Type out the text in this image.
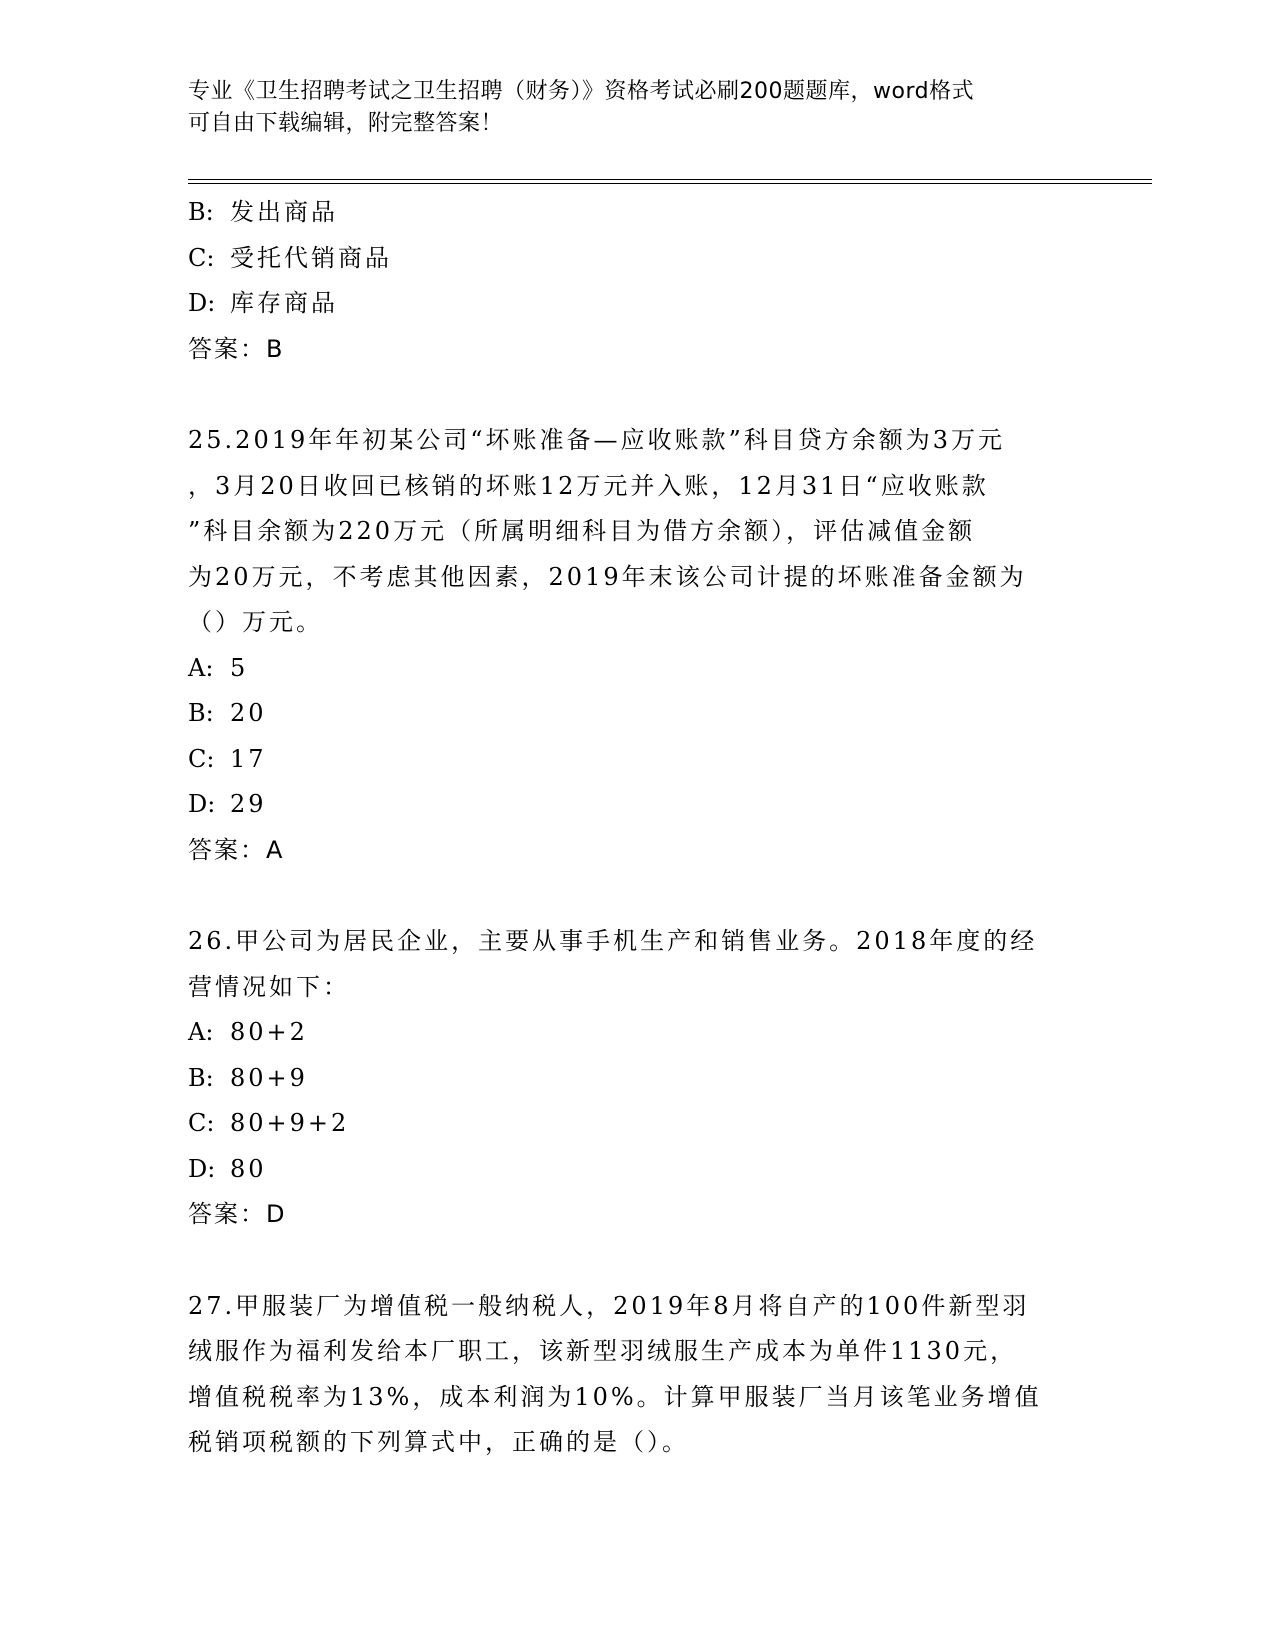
专业《卫生招聘考试之卫生招聘（财务）》资格考试必刷200题题库，word格式
可自由下载编辑，附完整答案！
B: 发出商品
C: 受托代销商品
D: 库存商品
答案：B
25.2019年年初某公司“坏账准备—应收账款”科目贷方余额为3万元
，3月20日收回已核销的坏账12万元并入账，12月31日“应收账款
”科目余额为220万元（所属明细科目为借方余额），评估减值金额
为20万元，不考虑其他因素，2019年末该公司计提的坏账准备金额为
（）万元。
A: 5
B: 20
C: 17
D: 29
答案：A
26.甲公司为居民企业，主要从事手机生产和销售业务。2018年度的经
营情况如下：
A: 80+2
B: 80+9
C: 80+9+2
D: 80
答案：D
27.甲服装厂为增值税一般纳税人，2019年8月将自产的100件新型羽
绒服作为福利发给本厂职工，该新型羽绒服生产成本为单件1130元，
增值税税率为13%，成本利润为10%。计算甲服装厂当月该笔业务增值
税销项税额的下列算式中，正确的是（）。
